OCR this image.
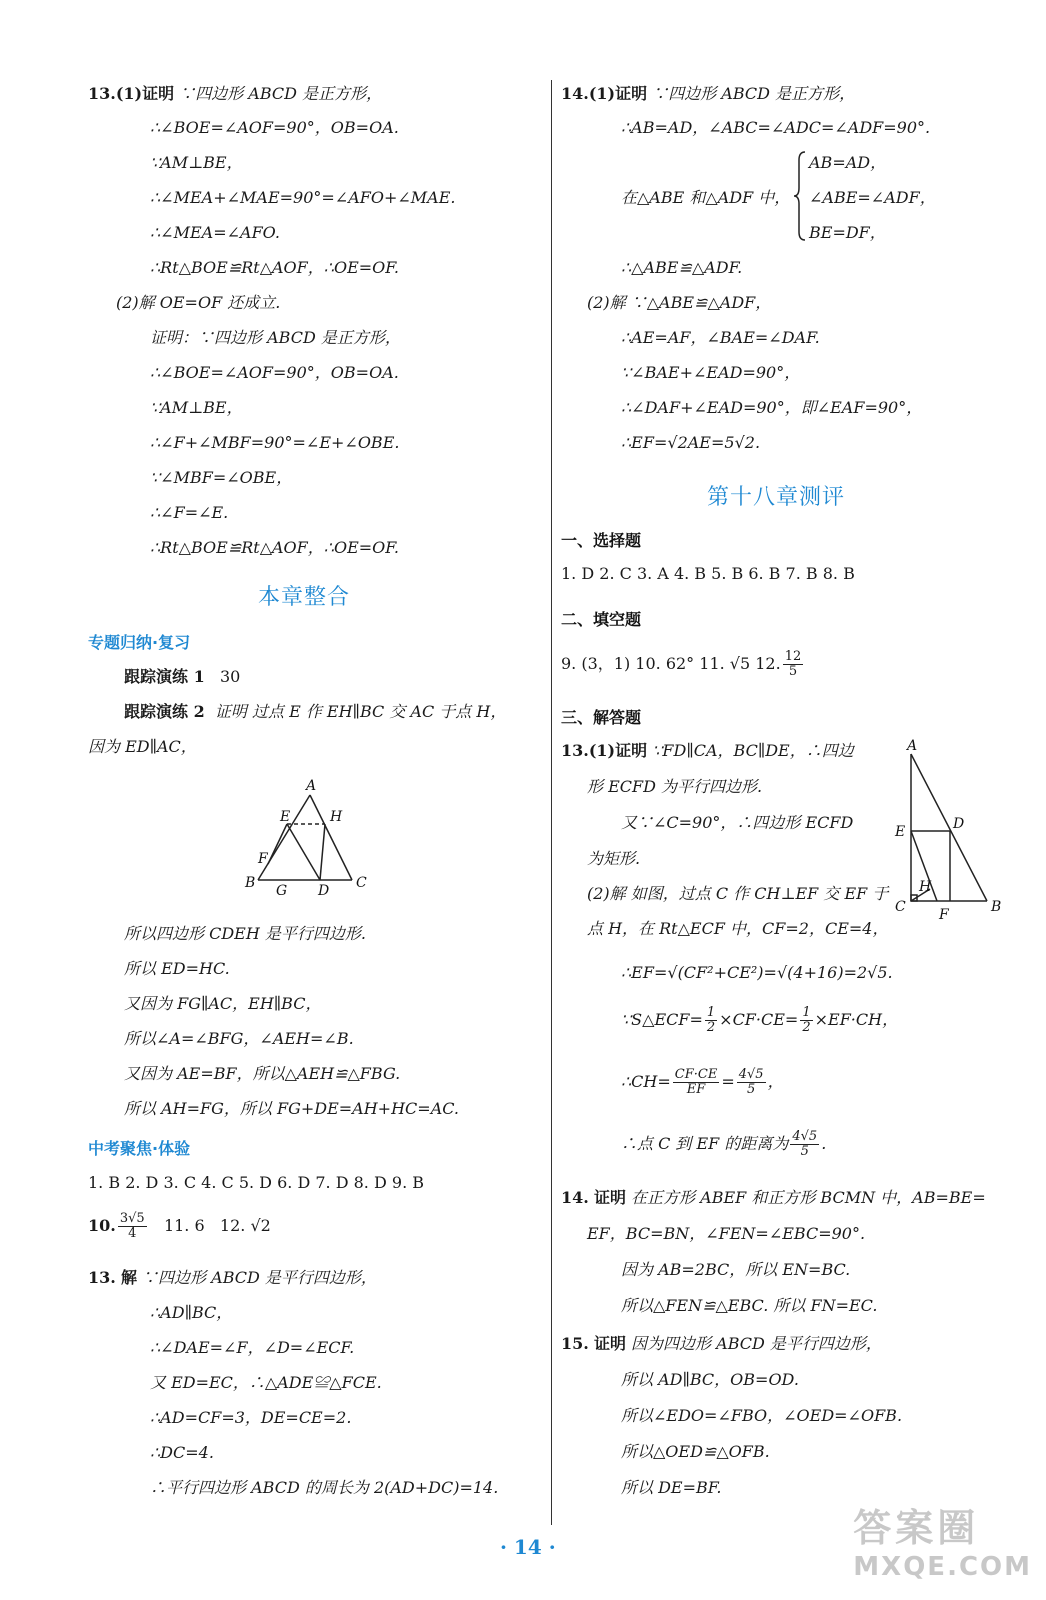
13.(1)证明 ∵四边形 ABCD 是正方形，
∴∠BOE=∠AOF=90°，OB=OA.
∵AM⊥BE，
∴∠MEA+∠MAE=90°=∠AFO+∠MAE.
∴∠MEA=∠AFO.
∴Rt△BOE≌Rt△AOF，∴OE=OF.
(2)解 OE=OF 还成立.
证明：∵四边形 ABCD 是正方形，
∴∠BOE=∠AOF=90°，OB=OA.
∵AM⊥BE，
∴∠F+∠MBF=90°=∠E+∠OBE.
∵∠MBF=∠OBE，
∴∠F=∠E.
∴Rt△BOE≌Rt△AOF，∴OE=OF.
本章整合
专题归纳·复习
跟踪演练 1 30
跟踪演练 2 证明 过点 E 作 EH∥BC 交 AC 于点 H，
因为 ED∥AC，
A
E	H
F
B G D C
所以四边形 CDEH 是平行四边形.
所以 ED=HC.
又因为 FG∥AC，EH∥BC，
所以∠A=∠BFG，∠AEH=∠B.
又因为 AE=BF，所以△AEH≌△FBG.
所以 AH=FG，所以 FG+DE=AH+HC=AC.
中考聚焦·体验
1. B 2. D 3. C 4. C 5. D 6. D 7. D 8. D 9. B
10. $\frac{3√5}{4} 11$. 6 12. √2
13. 解 ∵四边形 ABCD 是平行四边形，
∴AD∥BC，
∴∠DAE=∠F，∠D=∠ECF.
又 ED=EC，∴△ADE≌△FCE.
∴AD=CF=3，DE=CE=2.
∴DC=4.
∴平行四边形 ABCD 的周长为 2(AD+DC)=14.
14.(1)证明 ∵四边形 ABCD 是正方形，
∴AB=AD，∠ABC=∠ADC=∠ADF=90°.
在△ABE 和△ADF 中，
AB=AD，
∠ABE=∠ADF，
BE=DF，
∴△ABE≌△ADF.
(2)解 ∵△ABE≌△ADF，
∴AE=AF，∠BAE=∠DAF.
∵∠BAE+∠EAD=90°，
∴∠DAF+∠EAD=90°，即∠EAF=90°，
∴EF=√2AE=5√2.
第十八章测评
一、选择题
1. D 2. C 3. A 4. B 5. B 6. B 7. B 8. B
二、填空题
9. (3，1) 10. 62° 11. √5 12. $\frac{12}{5}$
三、解答题
13.(1)证明 ∵FD∥CA，BC∥DE，∴四边
形 ECFD 为平行四边形.
又∵∠C=90°，∴四边形 ECFD
为矩形.
(2)解 如图，过点 C 作 CH⊥EF 交 EF 于
点 H，在 Rt△ECF 中，CF=2，CE=4，
A
E	D
H
C F	B
∴EF=√(CF²+CE²)=√(4+16)=2√5.
∵S△ECF= $\frac{1}{2} \times CF\cdot CE= \frac{1}{2} \times EF\cdot CH$，
∴CH= $\frac{CF\cdot CE}{EF} = \frac{4√5}{5}$ ，
∴点 C 到 EF 的距离为 $\frac{4√5}{5}$ .
14. 证明 在正方形 ABEF 和正方形 BCMN 中，AB=BE=
EF，BC=BN，∠FEN=∠EBC=90°.
因为 AB=2BC，所以 EN=BC.
所以△FEN≌△EBC. 所以 FN=EC.
15. 证明 因为四边形 ABCD 是平行四边形，
所以 AD∥BC，OB=OD.
所以∠EDO=∠FBO，∠OED=∠OFB.
所以△OED≌△OFB.
所以 DE=BF.
· 14 ·	答案圈
MXQE.COM
